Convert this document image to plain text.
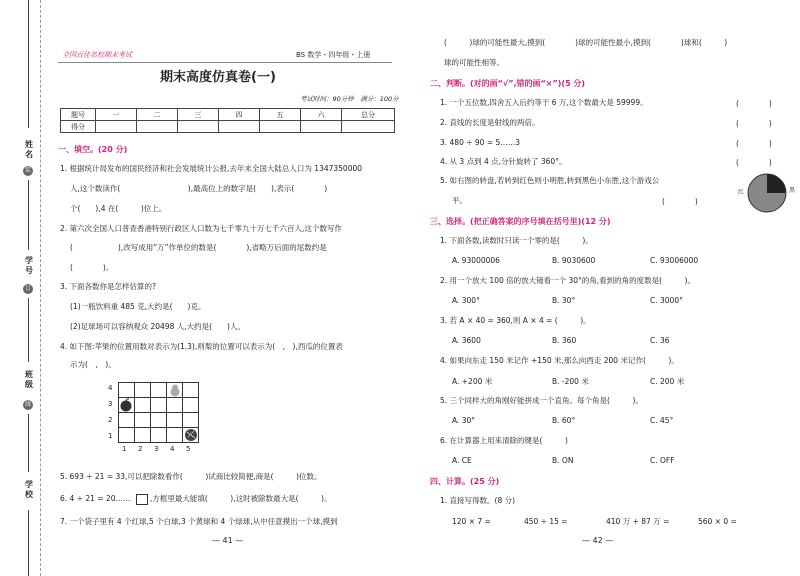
姓名
装
学号
订
班级
线
学校
全国百佳名校期末考试	BS 数学・四年级・上册
期末高度仿真卷(一)
考试时间：90分钟　满分：100分
题号	一	二	三	四	五	六	总分
得分							
一、填空。(20 分)
1. 根据统计局发布的国民经济和社会发展统计公报,去年末全国大陆总人口为 1347350000
人,这个数读作(　　　　　　　　　),最高位上的数字是(　　),表示(　　　　)
个(　　),4 在(　　　)位上。
2. 第六次全国人口普查香港特别行政区人口数为七千零九十万七千六百人,这个数写作
(　　　　　　),改写成用“万”作单位的数是(　　　　),省略万后面的尾数约是
(　　　　)。
3. 下面各数你是怎样估算的?
(1)一瓶饮料重 485 克,大约是(　　)克。
(2)足球场可以容纳观众 20498 人,大约是(　　)人。
4. 如下图:苹果的位置用数对表示为(1,3),则梨的位置可以表示为(　,　),西瓜的位置表
示为(　,　)。
4
3
2
1
1 2 3 4 5
5. 693 ÷ 21 = 33,可以把除数看作(　　　)试商比较简便,商是(　　　)位数。
6. 4 ÷ 21 = 20……	,方框里最大能填(　　　),这时被除数最大是(　　　)。
7. 一个袋子里有 4 个红球,5 个白球,3 个黄球和 4 个绿球,从中任意摸出一个球,摸到
— 41 —
(　　　)球的可能性最大,摸到(　　　　)球的可能性最小,摸到(　　　　)球和(　　　)
球的可能性相等。
二、判断。(对的画“√”,错的画“×”)(5 分)
1. 一个五位数,四舍五入后约等于 6 万,这个数最大是 59999。	(　　　　)
2. 直线的长度是射线的两倍。	(　　　　)
3. 480 ÷ 90 = 5……3	(　　　　)
4. 从 3 点到 4 点,分针旋转了 360°。	(　　　　)
5. 如右图的转盘,若转到红色则小明胜,转到黑色小东胜,这个游戏公
平。	(　　　　)
红	黑
三、选择。(把正确答案的序号填在括号里)(12 分)
1. 下面各数,读数时只读一个零的是(　　　)。
A. 93000006	B. 9030600	C. 93006000
2. 用一个放大 100 倍的放大镜看一个 30°的角,看到的角的度数是(　　　)。
A. 300°	B. 30°	C. 3000°
3. 若 A × 40 = 360,则 A × 4 = (　　　)。
A. 3600	B. 360	C. 36
4. 如果向东走 150 米记作 +150 米,那么向西走 200 米记作(　　　)。
A. +200 米	B. -200 米	C. 200 米
5. 三个同样大的角刚好能拼成一个直角。每个角是(　　　)。
A. 30°	B. 60°	C. 45°
6. 在计算器上用来清除的键是(　　　)
A. CE	B. ON	C. OFF
四、计算。(25 分)
1. 直接写得数。(8 分)
120 × 7 =	450 ÷ 15 =	410 万 + 87 万 =	560 × 0 =
— 42 —
